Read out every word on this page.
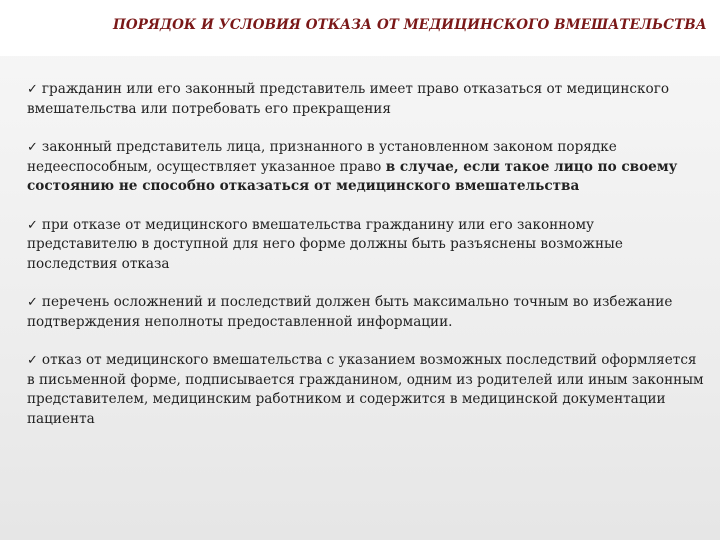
ПОРЯДОК И УСЛОВИЯ ОТКАЗА ОТ МЕДИЦИНСКОГО ВМЕШАТЕЛЬСТВА

✓ гражданин или его законный представитель имеет право отказаться от медицинского вмешательства или потребовать его прекращения

✓ законный представитель лица, признанного в установленном законом порядке недееспособным, осуществляет указанное право в случае, если такое лицо по своему состоянию не способно отказаться от медицинского вмешательства

✓ при отказе от медицинского вмешательства гражданину или его законному представителю в доступной для него форме должны быть разъяснены возможные последствия отказа

✓ перечень осложнений и последствий должен быть максимально точным во избежание подтверждения неполноты предоставленной информации.

✓ отказ от медицинского вмешательства с указанием возможных последствий оформляется в письменной форме, подписывается гражданином, одним из родителей или иным законным представителем, медицинским работником и содержится в медицинской документации пациента
